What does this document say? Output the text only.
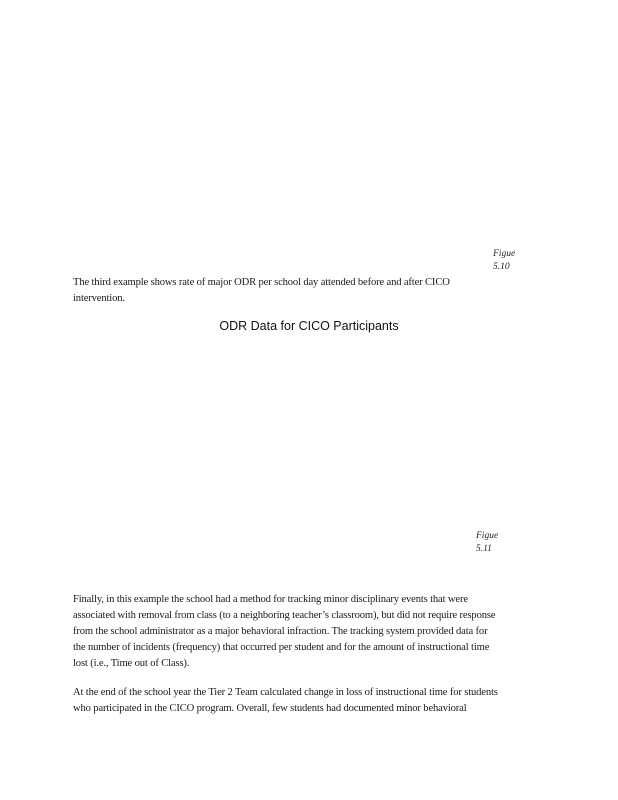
Figue
5.10
The third example shows rate of major ODR per school day attended before and after CICO
intervention.
ODR Data for CICO Participants
Figue
5.11
Finally, in this example the school had a method for tracking minor disciplinary events that were
associated with removal from class (to a neighboring teacher’s classroom), but did not require response
from the school administrator as a major behavioral infraction. The tracking system provided data for
the number of incidents (frequency) that occurred per student and for the amount of instructional time
lost (i.e., Time out of Class).
At the end of the school year the Tier 2 Team calculated change in loss of instructional time for students
who participated in the CICO program. Overall, few students had documented minor behavioral
